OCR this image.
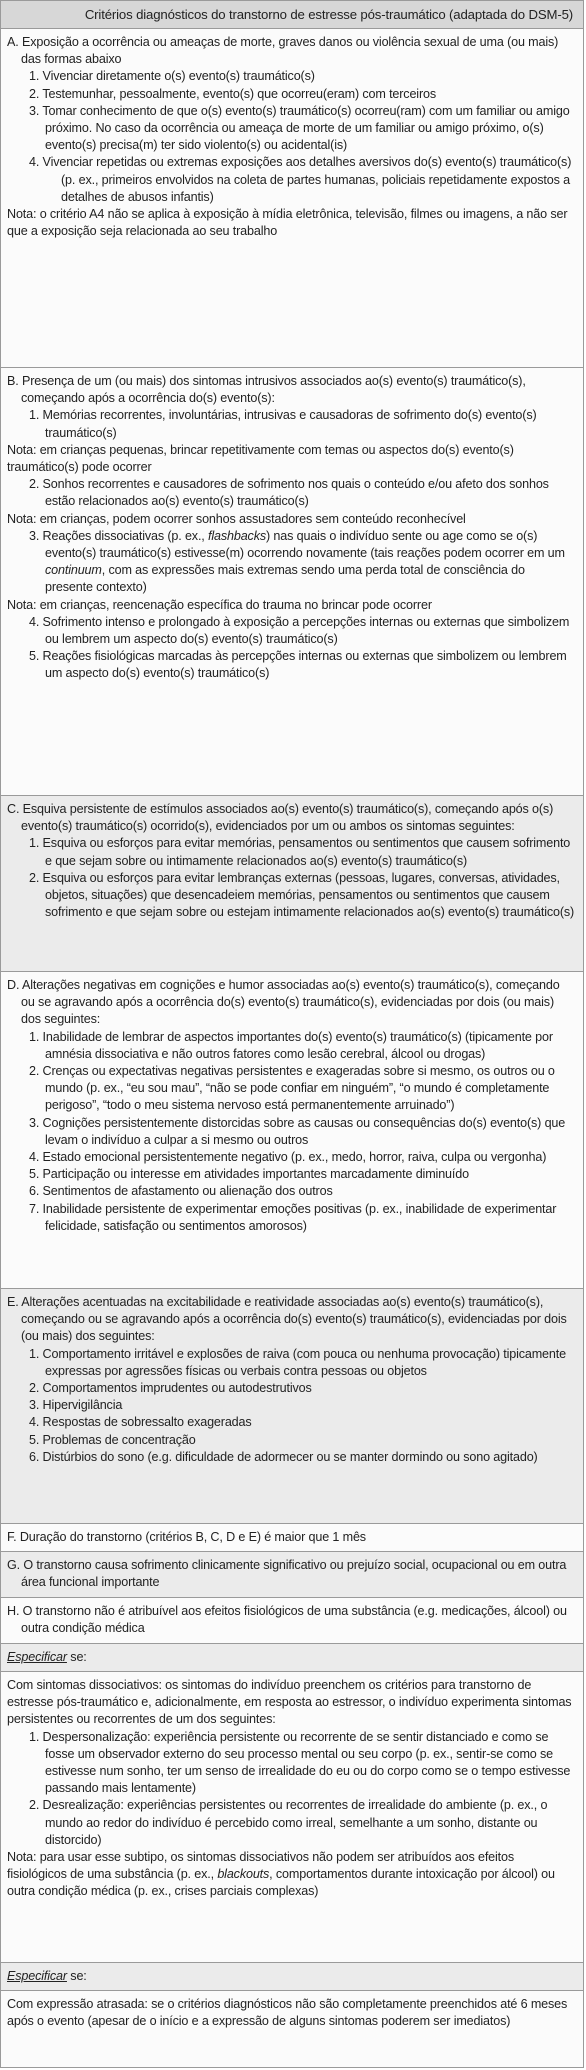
Critérios diagnósticos do transtorno de estresse pós-traumático (adaptada do DSM-5)
A. Exposição a ocorrência ou ameaças de morte, graves danos ou violência sexual de uma (ou mais) das formas abaixo
1. Vivenciar diretamente o(s) evento(s) traumático(s)
2. Testemunhar, pessoalmente, evento(s) que ocorreu(eram) com terceiros
3. Tomar conhecimento de que o(s) evento(s) traumático(s) ocorreu(ram) com um familiar ou amigo próximo. No caso da ocorrência ou ameaça de morte de um familiar ou amigo próximo, o(s) evento(s) precisa(m) ter sido violento(s) ou acidental(is)
4. Vivenciar repetidas ou extremas exposições aos detalhes aversivos do(s) evento(s) traumático(s)
(p. ex., primeiros envolvidos na coleta de partes humanas, policiais repetidamente expostos a detalhes de abusos infantis)
Nota: o critério A4 não se aplica à exposição à mídia eletrônica, televisão, filmes ou imagens, a não ser que a exposição seja relacionada ao seu trabalho
B. Presença de um (ou mais) dos sintomas intrusivos associados ao(s) evento(s) traumático(s), começando após a ocorrência do(s) evento(s):
1. Memórias recorrentes, involuntárias, intrusivas e causadoras de sofrimento do(s) evento(s) traumático(s)
Nota: em crianças pequenas, brincar repetitivamente com temas ou aspectos do(s) evento(s) traumático(s) pode ocorrer
2. Sonhos recorrentes e causadores de sofrimento nos quais o conteúdo e/ou afeto dos sonhos estão relacionados ao(s) evento(s) traumático(s)
Nota: em crianças, podem ocorrer sonhos assustadores sem conteúdo reconhecível
3. Reações dissociativas (p. ex., flashbacks) nas quais o indivíduo sente ou age como se o(s) evento(s) traumático(s) estivesse(m) ocorrendo novamente (tais reações podem ocorrer em um continuum, com as expressões mais extremas sendo uma perda total de consciência do presente contexto)
Nota: em crianças, reencenação específica do trauma no brincar pode ocorrer
4. Sofrimento intenso e prolongado à exposição a percepções internas ou externas que simbolizem ou lembrem um aspecto do(s) evento(s) traumático(s)
5. Reações fisiológicas marcadas às percepções internas ou externas que simbolizem ou lembrem um aspecto do(s) evento(s) traumático(s)
C. Esquiva persistente de estímulos associados ao(s) evento(s) traumático(s), começando após o(s) evento(s) traumático(s) ocorrido(s), evidenciados por um ou ambos os sintomas seguintes:
1. Esquiva ou esforços para evitar memórias, pensamentos ou sentimentos que causem sofrimento e que sejam sobre ou intimamente relacionados ao(s) evento(s) traumático(s)
2. Esquiva ou esforços para evitar lembranças externas (pessoas, lugares, conversas, atividades, objetos, situações) que desencadeiem memórias, pensamentos ou sentimentos que causem sofrimento e que sejam sobre ou estejam intimamente relacionados ao(s) evento(s) traumático(s)
D. Alterações negativas em cognições e humor associadas ao(s) evento(s) traumático(s), começando ou se agravando após a ocorrência do(s) evento(s) traumático(s), evidenciadas por dois (ou mais) dos seguintes:
1. Inabilidade de lembrar de aspectos importantes do(s) evento(s) traumático(s) (tipicamente por amnésia dissociativa e não outros fatores como lesão cerebral, álcool ou drogas)
2. Crenças ou expectativas negativas persistentes e exageradas sobre si mesmo, os outros ou o mundo (p. ex., “eu sou mau”, “não se pode confiar em ninguém”, “o mundo é completamente perigoso”, “todo o meu sistema nervoso está permanentemente arruinado”)
3. Cognições persistentemente distorcidas sobre as causas ou consequências do(s) evento(s) que levam o indivíduo a culpar a si mesmo ou outros
4. Estado emocional persistentemente negativo (p. ex., medo, horror, raiva, culpa ou vergonha)
5. Participação ou interesse em atividades importantes marcadamente diminuído
6. Sentimentos de afastamento ou alienação dos outros
7. Inabilidade persistente de experimentar emoções positivas (p. ex., inabilidade de experimentar felicidade, satisfação ou sentimentos amorosos)
E. Alterações acentuadas na excitabilidade e reatividade associadas ao(s) evento(s) traumático(s), começando ou se agravando após a ocorrência do(s) evento(s) traumático(s), evidenciadas por dois (ou mais) dos seguintes:
1. Comportamento irritável e explosões de raiva (com pouca ou nenhuma provocação) tipicamente expressas por agressões físicas ou verbais contra pessoas ou objetos
2. Comportamentos imprudentes ou autodestrutivos
3. Hipervigilância
4. Respostas de sobressalto exageradas
5. Problemas de concentração
6. Distúrbios do sono (e.g. dificuldade de adormecer ou se manter dormindo ou sono agitado)
F. Duração do transtorno (critérios B, C, D e E) é maior que 1 mês
G. O transtorno causa sofrimento clinicamente significativo ou prejuízo social, ocupacional ou em outra área funcional importante
H. O transtorno não é atribuível aos efeitos fisiológicos de uma substância (e.g. medicações, álcool) ou outra condição médica
Especificar se:
Com sintomas dissociativos: os sintomas do indivíduo preenchem os critérios para transtorno de estresse pós-traumático e, adicionalmente, em resposta ao estressor, o indivíduo experimenta sintomas persistentes ou recorrentes de um dos seguintes:
1. Despersonalização: experiência persistente ou recorrente de se sentir distanciado e como se fosse um observador externo do seu processo mental ou seu corpo (p. ex., sentir-se como se estivesse num sonho, ter um senso de irrealidade do eu ou do corpo como se o tempo estivesse passando mais lentamente)
2. Desrealização: experiências persistentes ou recorrentes de irrealidade do ambiente (p. ex., o mundo ao redor do indivíduo é percebido como irreal, semelhante a um sonho, distante ou distorcido)
Nota: para usar esse subtipo, os sintomas dissociativos não podem ser atribuídos aos efeitos fisiológicos de uma substância (p. ex., blackouts, comportamentos durante intoxicação por álcool) ou outra condição médica (p. ex., crises parciais complexas)
Especificar se:
Com expressão atrasada: se o critérios diagnósticos não são completamente preenchidos até 6 meses após o evento (apesar de o início e a expressão de alguns sintomas poderem ser imediatos)
